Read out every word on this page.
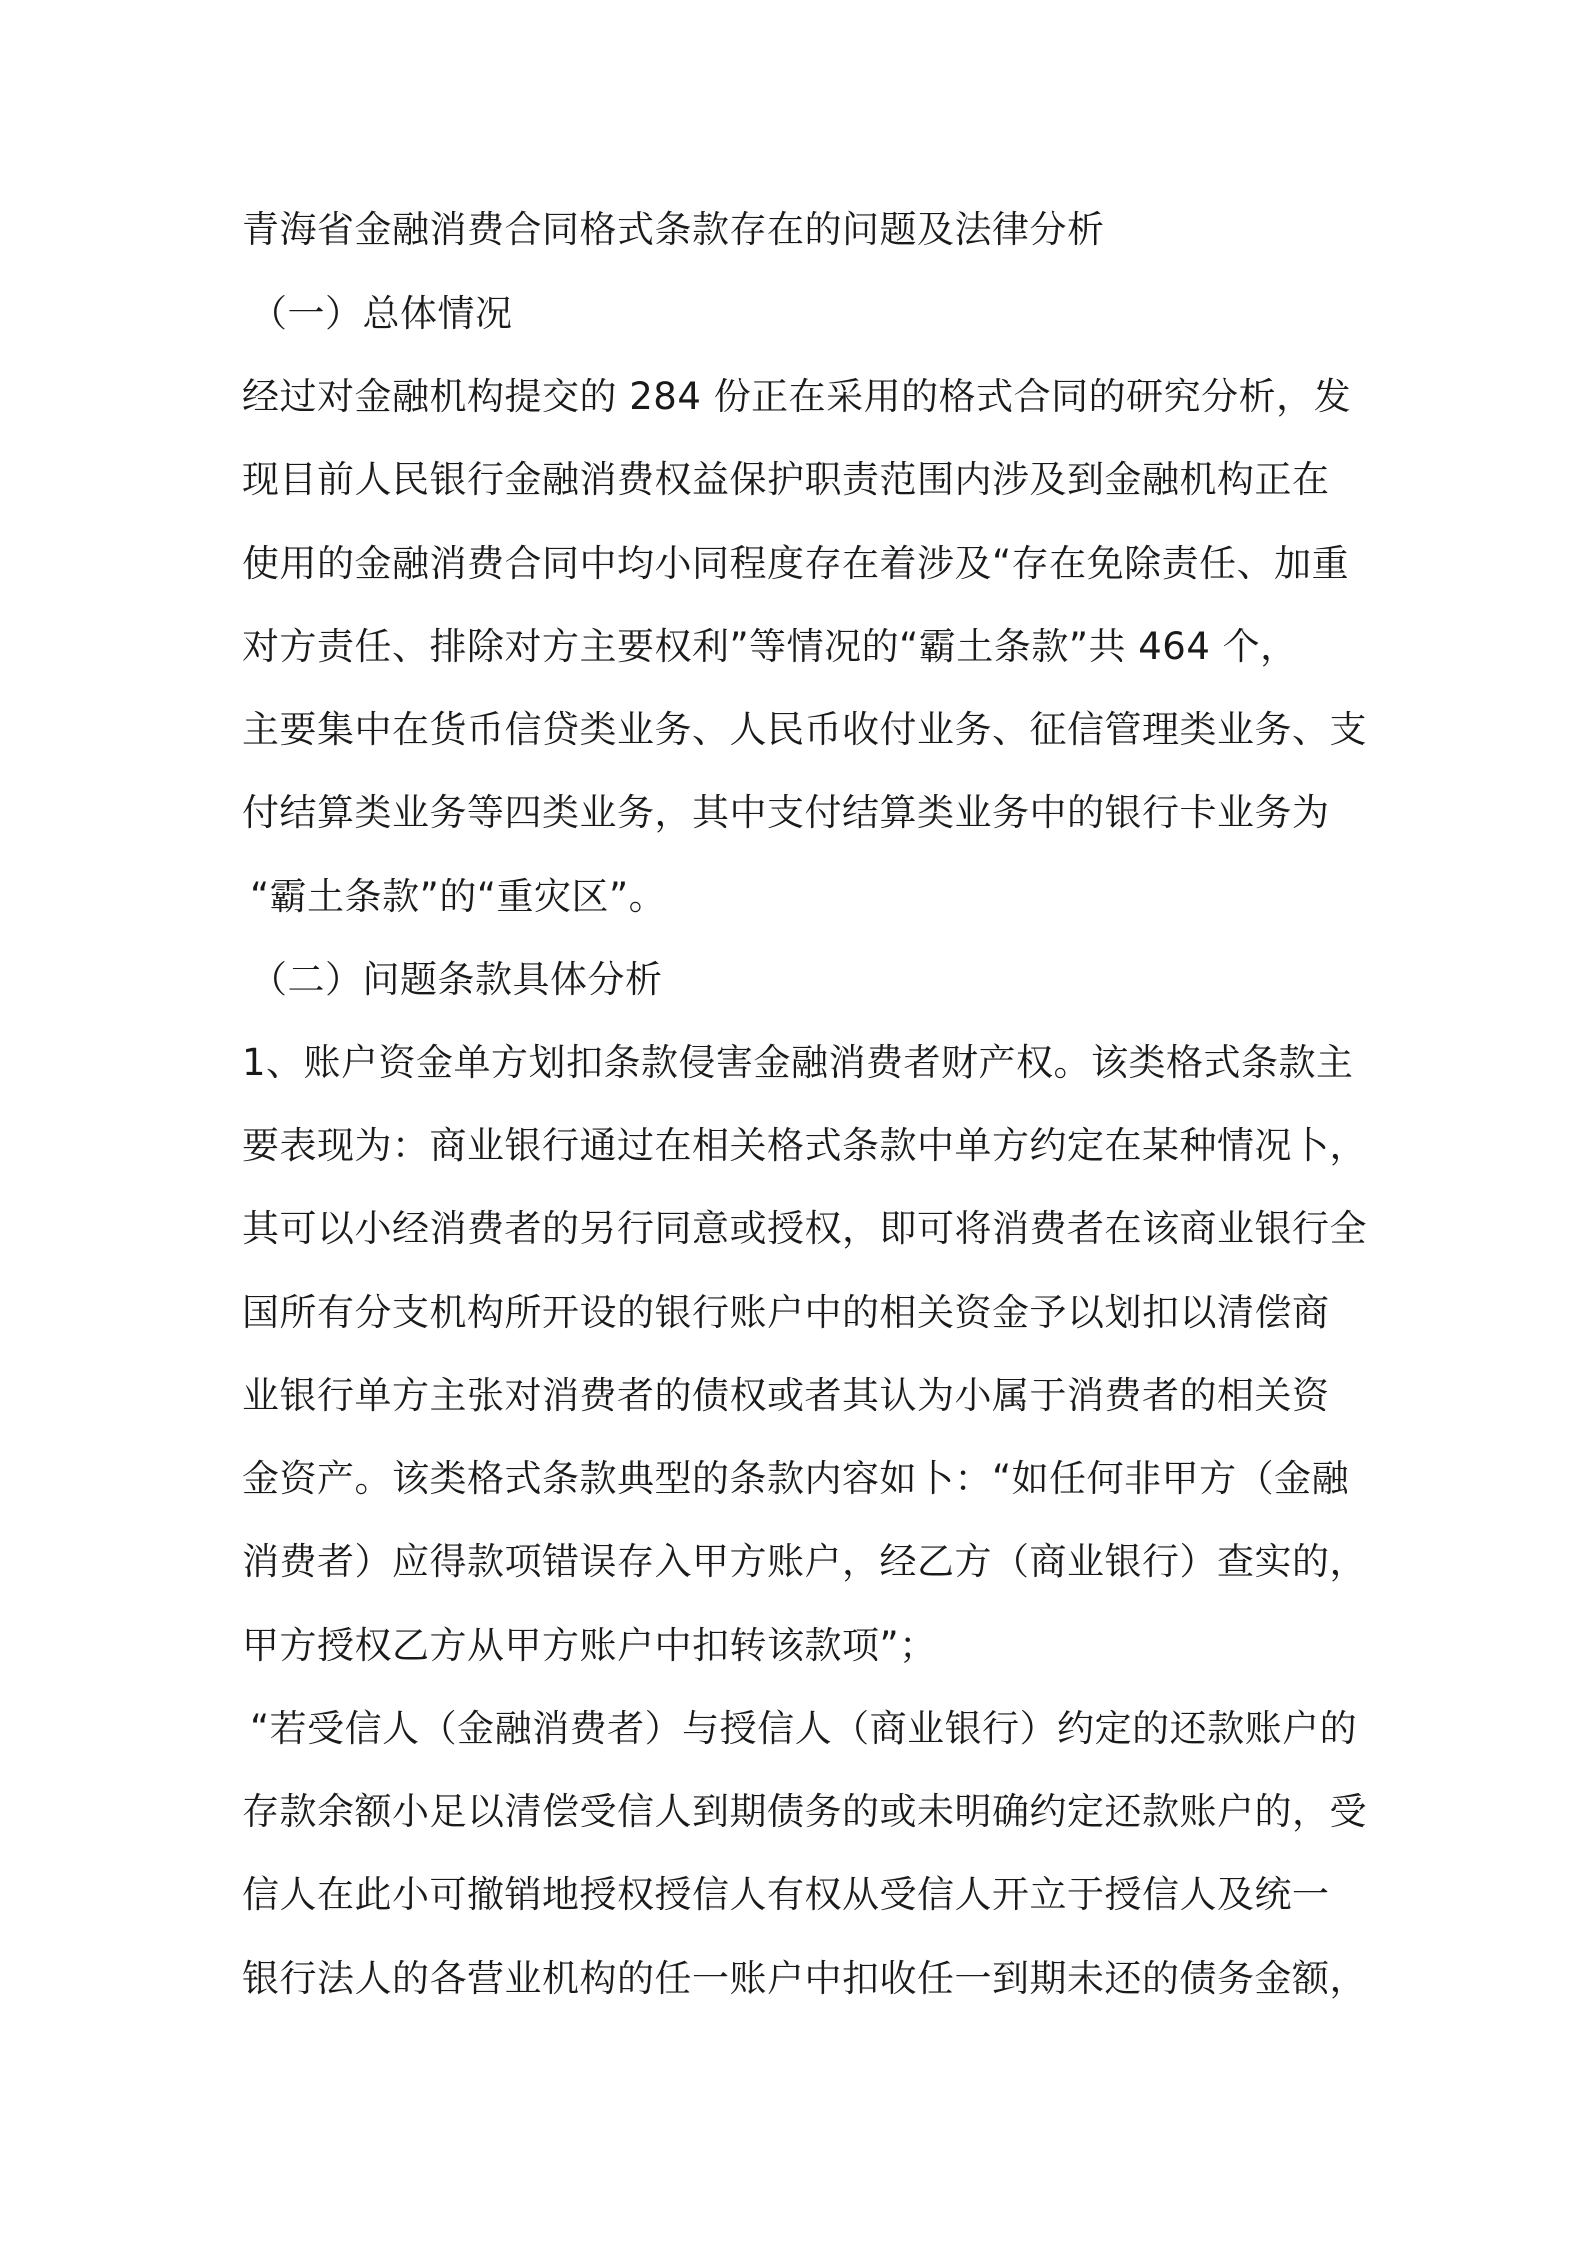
青海省金融消费合同格式条款存在的问题及法律分析
（一）总体情况
经过对金融机构提交的 284 份正在采用的格式合同的研究分析，发
现目前人民银行金融消费权益保护职责范围内涉及到金融机构正在
使用的金融消费合同中均小同程度存在着涉及“存在免除责任、加重
对方责任、排除对方主要权利”等情况的“霸土条款”共 464 个，
主要集中在货币信贷类业务、人民币收付业务、征信管理类业务、支
付结算类业务等四类业务，其中支付结算类业务中的银行卡业务为
“霸土条款”的“重灾区”。
（二）问题条款具体分析
1、账户资金单方划扣条款侵害金融消费者财产权。该类格式条款主
要表现为：商业银行通过在相关格式条款中单方约定在某种情况卜，
其可以小经消费者的另行同意或授权，即可将消费者在该商业银行全
国所有分支机构所开设的银行账户中的相关资金予以划扣以清偿商
业银行单方主张对消费者的债权或者其认为小属于消费者的相关资
金资产。该类格式条款典型的条款内容如卜：“如任何非甲方（金融
消费者）应得款项错误存入甲方账户，经乙方（商业银行）查实的，
甲方授权乙方从甲方账户中扣转该款项”；
“若受信人（金融消费者）与授信人（商业银行）约定的还款账户的
存款余额小足以清偿受信人到期债务的或未明确约定还款账户的，受
信人在此小可撤销地授权授信人有权从受信人开立于授信人及统一
银行法人的各营业机构的任一账户中扣收任一到期未还的债务金额，
